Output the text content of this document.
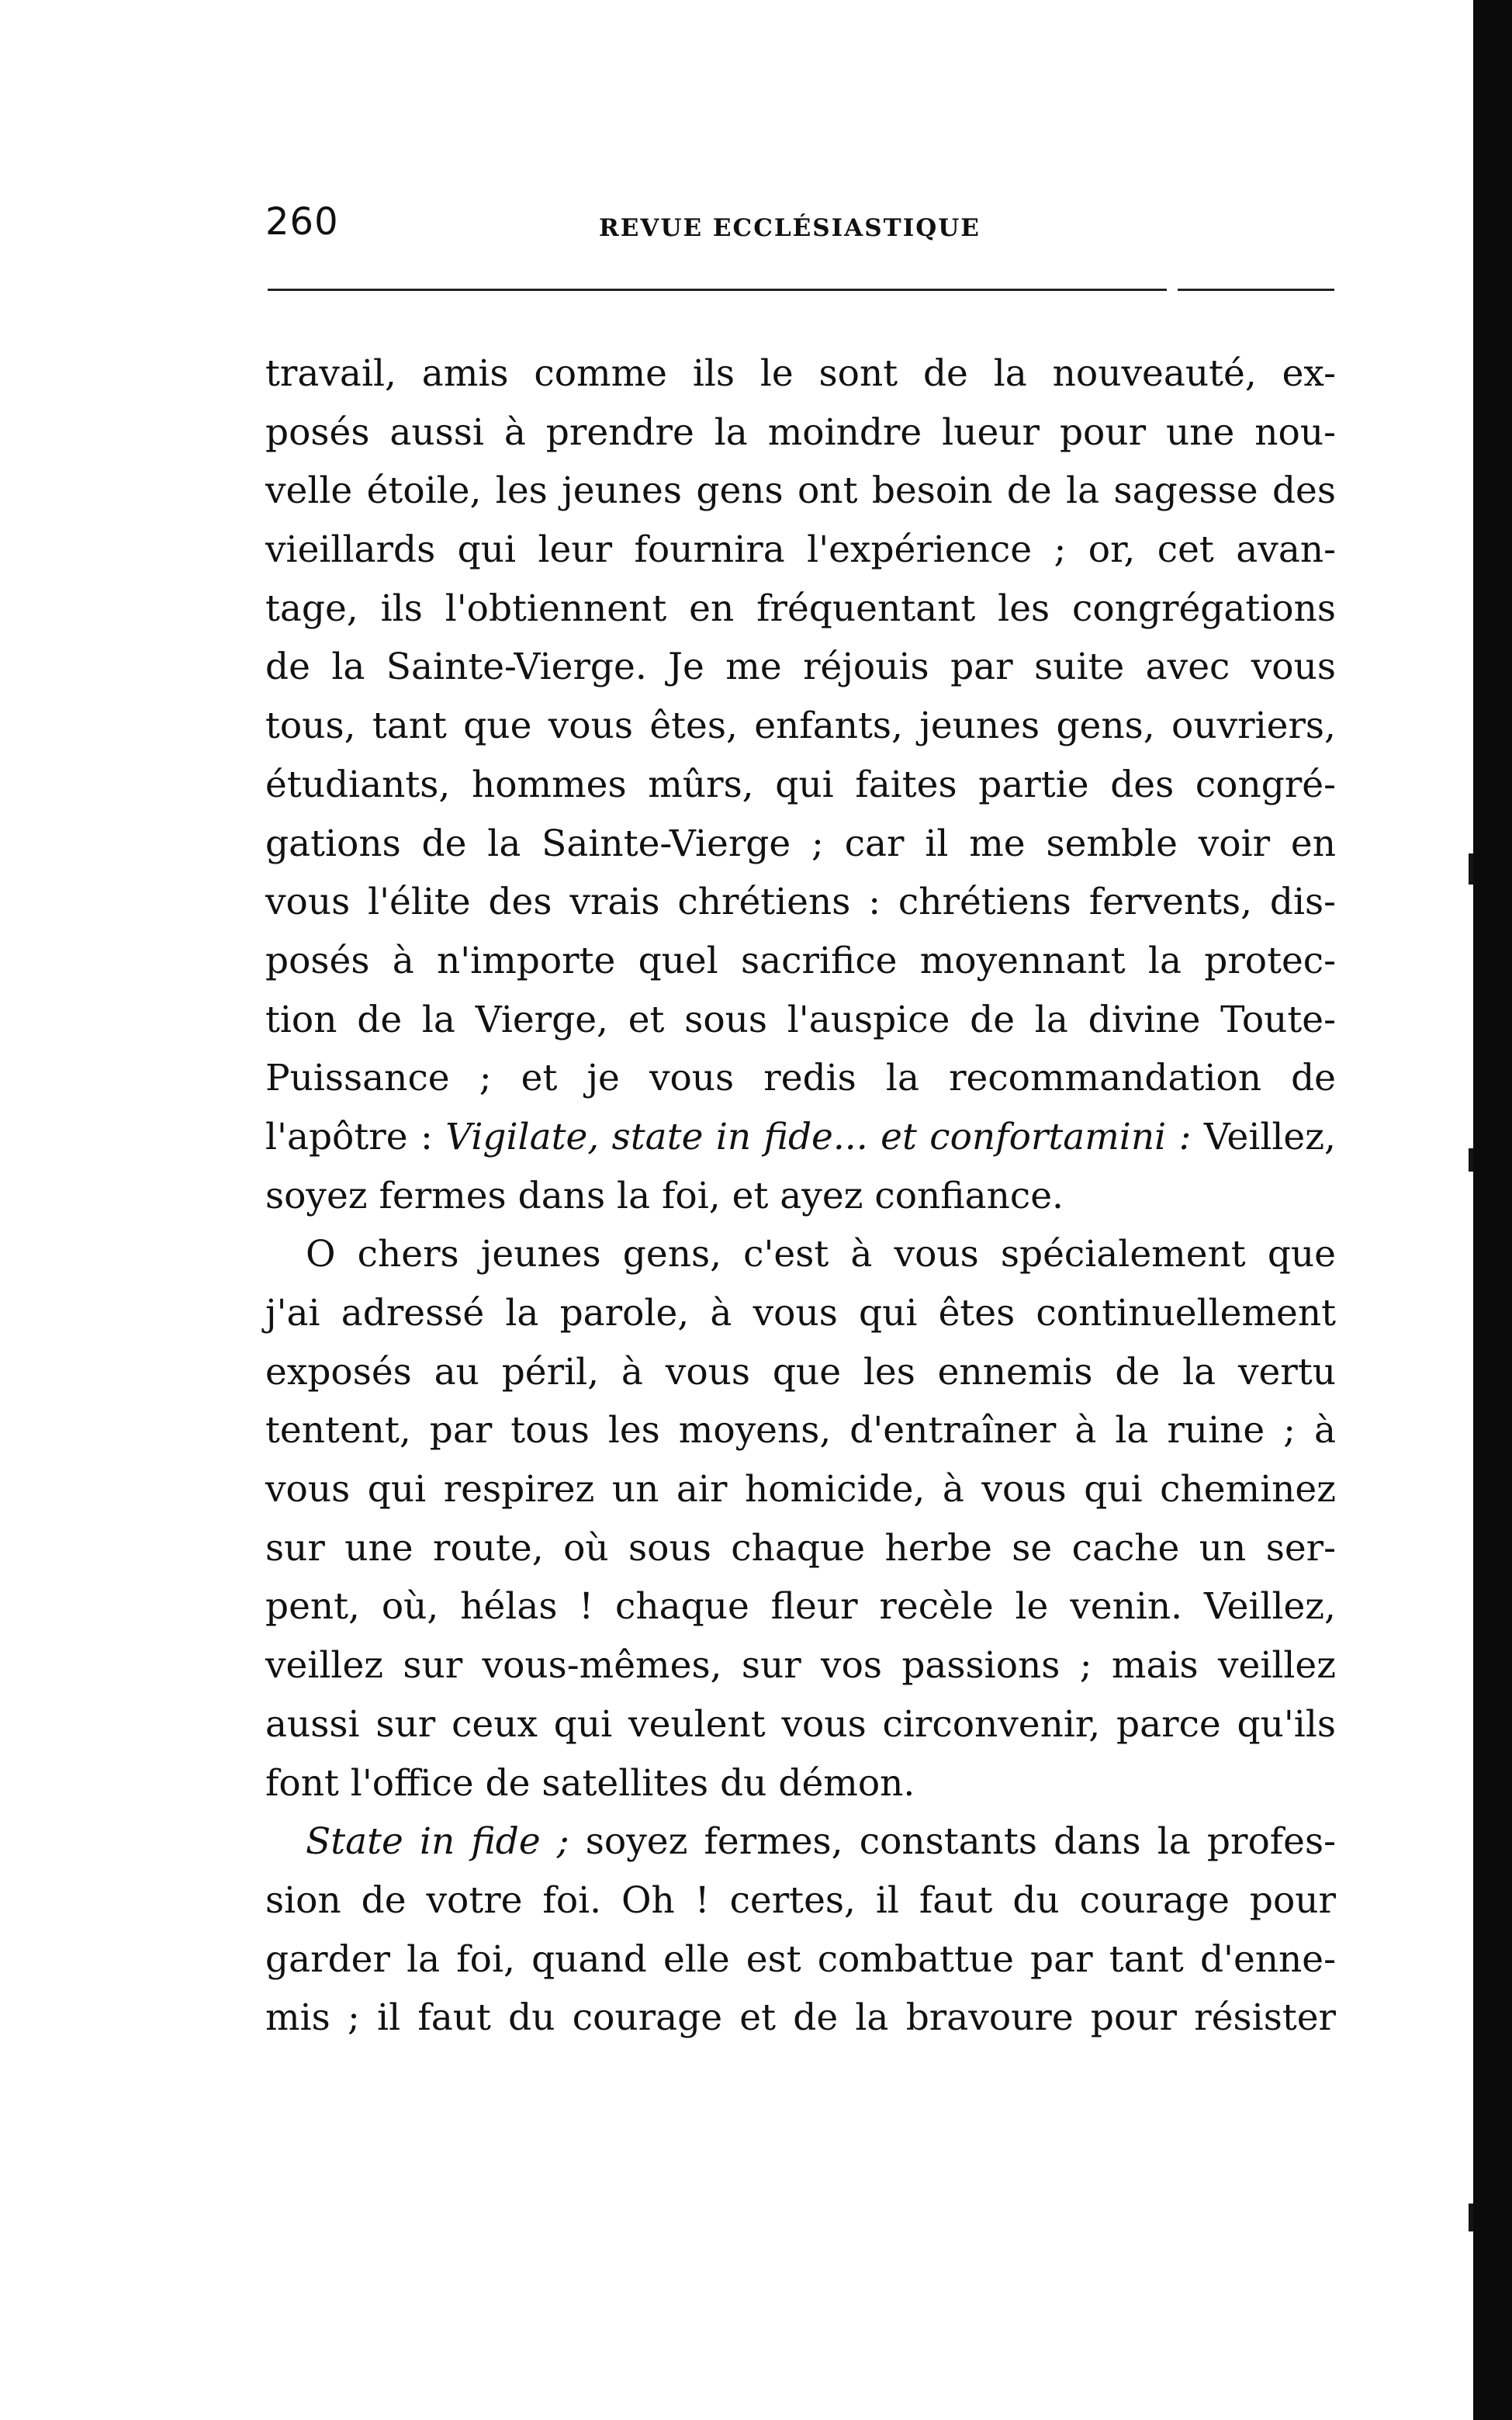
260	REVUE ECCLÉSIASTIQUE
travail, amis comme ils le sont de la nouveauté, ex-
posés aussi à prendre la moindre lueur pour une nou-
velle étoile, les jeunes gens ont besoin de la sagesse des
vieillards qui leur fournira l'expérience ; or, cet avan-
tage, ils l'obtiennent en fréquentant les congrégations
de la Sainte-Vierge. Je me réjouis par suite avec vous
tous, tant que vous êtes, enfants, jeunes gens, ouvriers,
étudiants, hommes mûrs, qui faites partie des congré-
gations de la Sainte-Vierge ; car il me semble voir en
vous l'élite des vrais chrétiens : chrétiens fervents, dis-
posés à n'importe quel sacrifice moyennant la protec-
tion de la Vierge, et sous l'auspice de la divine Toute-
Puissance ; et je vous redis la recommandation de
l'apôtre : Vigilate, state in fide... et confortamini : Veillez,
soyez fermes dans la foi, et ayez confiance.
O chers jeunes gens, c'est à vous spécialement que
j'ai adressé la parole, à vous qui êtes continuellement
exposés au péril, à vous que les ennemis de la vertu
tentent, par tous les moyens, d'entraîner à la ruine ; à
vous qui respirez un air homicide, à vous qui cheminez
sur une route, où sous chaque herbe se cache un ser-
pent, où, hélas ! chaque fleur recèle le venin. Veillez,
veillez sur vous-mêmes, sur vos passions ; mais veillez
aussi sur ceux qui veulent vous circonvenir, parce qu'ils
font l'office de satellites du démon.
State in fide ; soyez fermes, constants dans la profes-
sion de votre foi. Oh ! certes, il faut du courage pour
garder la foi, quand elle est combattue par tant d'enne-
mis ; il faut du courage et de la bravoure pour résister
